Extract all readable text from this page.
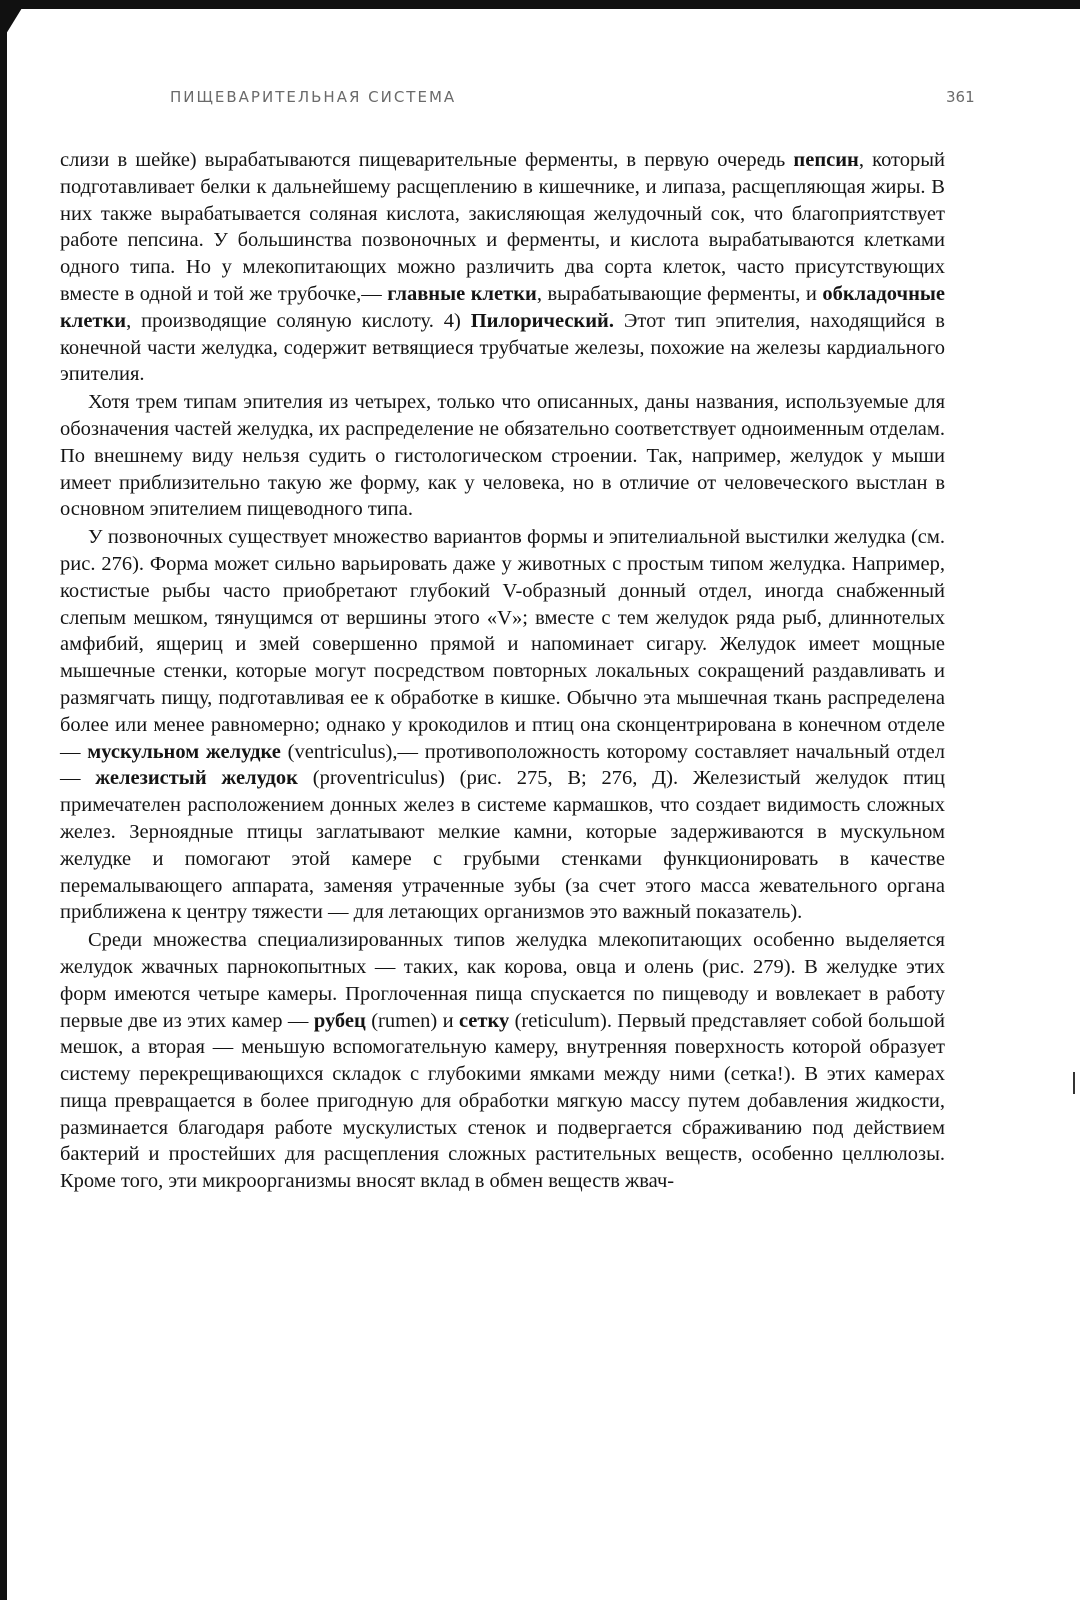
ПИЩЕВАРИТЕЛЬНАЯ СИСТЕМА	361

слизи в шейке) вырабатываются пищеварительные ферменты, в первую очередь пепсин, который подготавливает белки к дальнейшему расщеплению в кишечнике, и липаза, расщепляющая жиры. В них также вырабатывается соляная кислота, закисляющая желудочный сок, что благоприятствует работе пепсина. У большинства позвоночных и ферменты, и кислота вырабатываются клетками одного типа. Но у млекопитающих можно различить два сорта клеток, часто присутствующих вместе в одной и той же трубочке,— главные клетки, вырабатывающие ферменты, и обкладочные клетки, производящие соляную кислоту. 4) Пилорический. Этот тип эпителия, находящийся в конечной части желудка, содержит ветвящиеся трубчатые железы, похожие на железы кардиального эпителия.

Хотя трем типам эпителия из четырех, только что описанных, даны названия, используемые для обозначения частей желудка, их распределение не обязательно соответствует одноименным отделам. По внешнему виду нельзя судить о гистологическом строении. Так, например, желудок у мыши имеет приблизительно такую же форму, как у человека, но в отличие от человеческого выстлан в основном эпителием пищеводного типа.

У позвоночных существует множество вариантов формы и эпителиальной выстилки желудка (см. рис. 276). Форма может сильно варьировать даже у животных с простым типом желудка. Например, костистые рыбы часто приобретают глубокий V-образный донный отдел, иногда снабженный слепым мешком, тянущимся от вершины этого «V»; вместе с тем желудок ряда рыб, длиннотелых амфибий, ящериц и змей совершенно прямой и напоминает сигару. Желудок имеет мощные мышечные стенки, которые могут посредством повторных локальных сокращений раздавливать и размягчать пищу, подготавливая ее к обработке в кишке. Обычно эта мышечная ткань распределена более или менее равномерно; однако у крокодилов и птиц она сконцентрирована в конечном отделе — мускульном желудке (ventriculus),— противоположность которому составляет начальный отдел — железистый желудок (proventriculus) (рис. 275, В; 276, Д). Железистый желудок птиц примечателен расположением донных желез в системе кармашков, что создает видимость сложных желез. Зерноядные птицы заглатывают мелкие камни, которые задерживаются в мускульном желудке и помогают этой камере с грубыми стенками функционировать в качестве перемалывающего аппарата, заменяя утраченные зубы (за счет этого масса жевательного органа приближена к центру тяжести — для летающих организмов это важный показатель).

Среди множества специализированных типов желудка млекопитающих особенно выделяется желудок жвачных парнокопытных — таких, как корова, овца и олень (рис. 279). В желудке этих форм имеются четыре камеры. Проглоченная пища спускается по пищеводу и вовлекает в работу первые две из этих камер — рубец (rumen) и сетку (reticulum). Первый представляет собой большой мешок, а вторая — меньшую вспомогательную камеру, внутренняя поверхность которой образует систему перекрещивающихся складок с глубокими ямками между ними (сетка!). В этих камерах пища превращается в более пригодную для обработки мягкую массу путем добавления жидкости, разминается благодаря работе мускулистых стенок и подвергается сбраживанию под действием бактерий и простейших для расщепления сложных растительных веществ, особенно целлюлозы. Кроме того, эти микроорганизмы вносят вклад в обмен веществ жвач-
